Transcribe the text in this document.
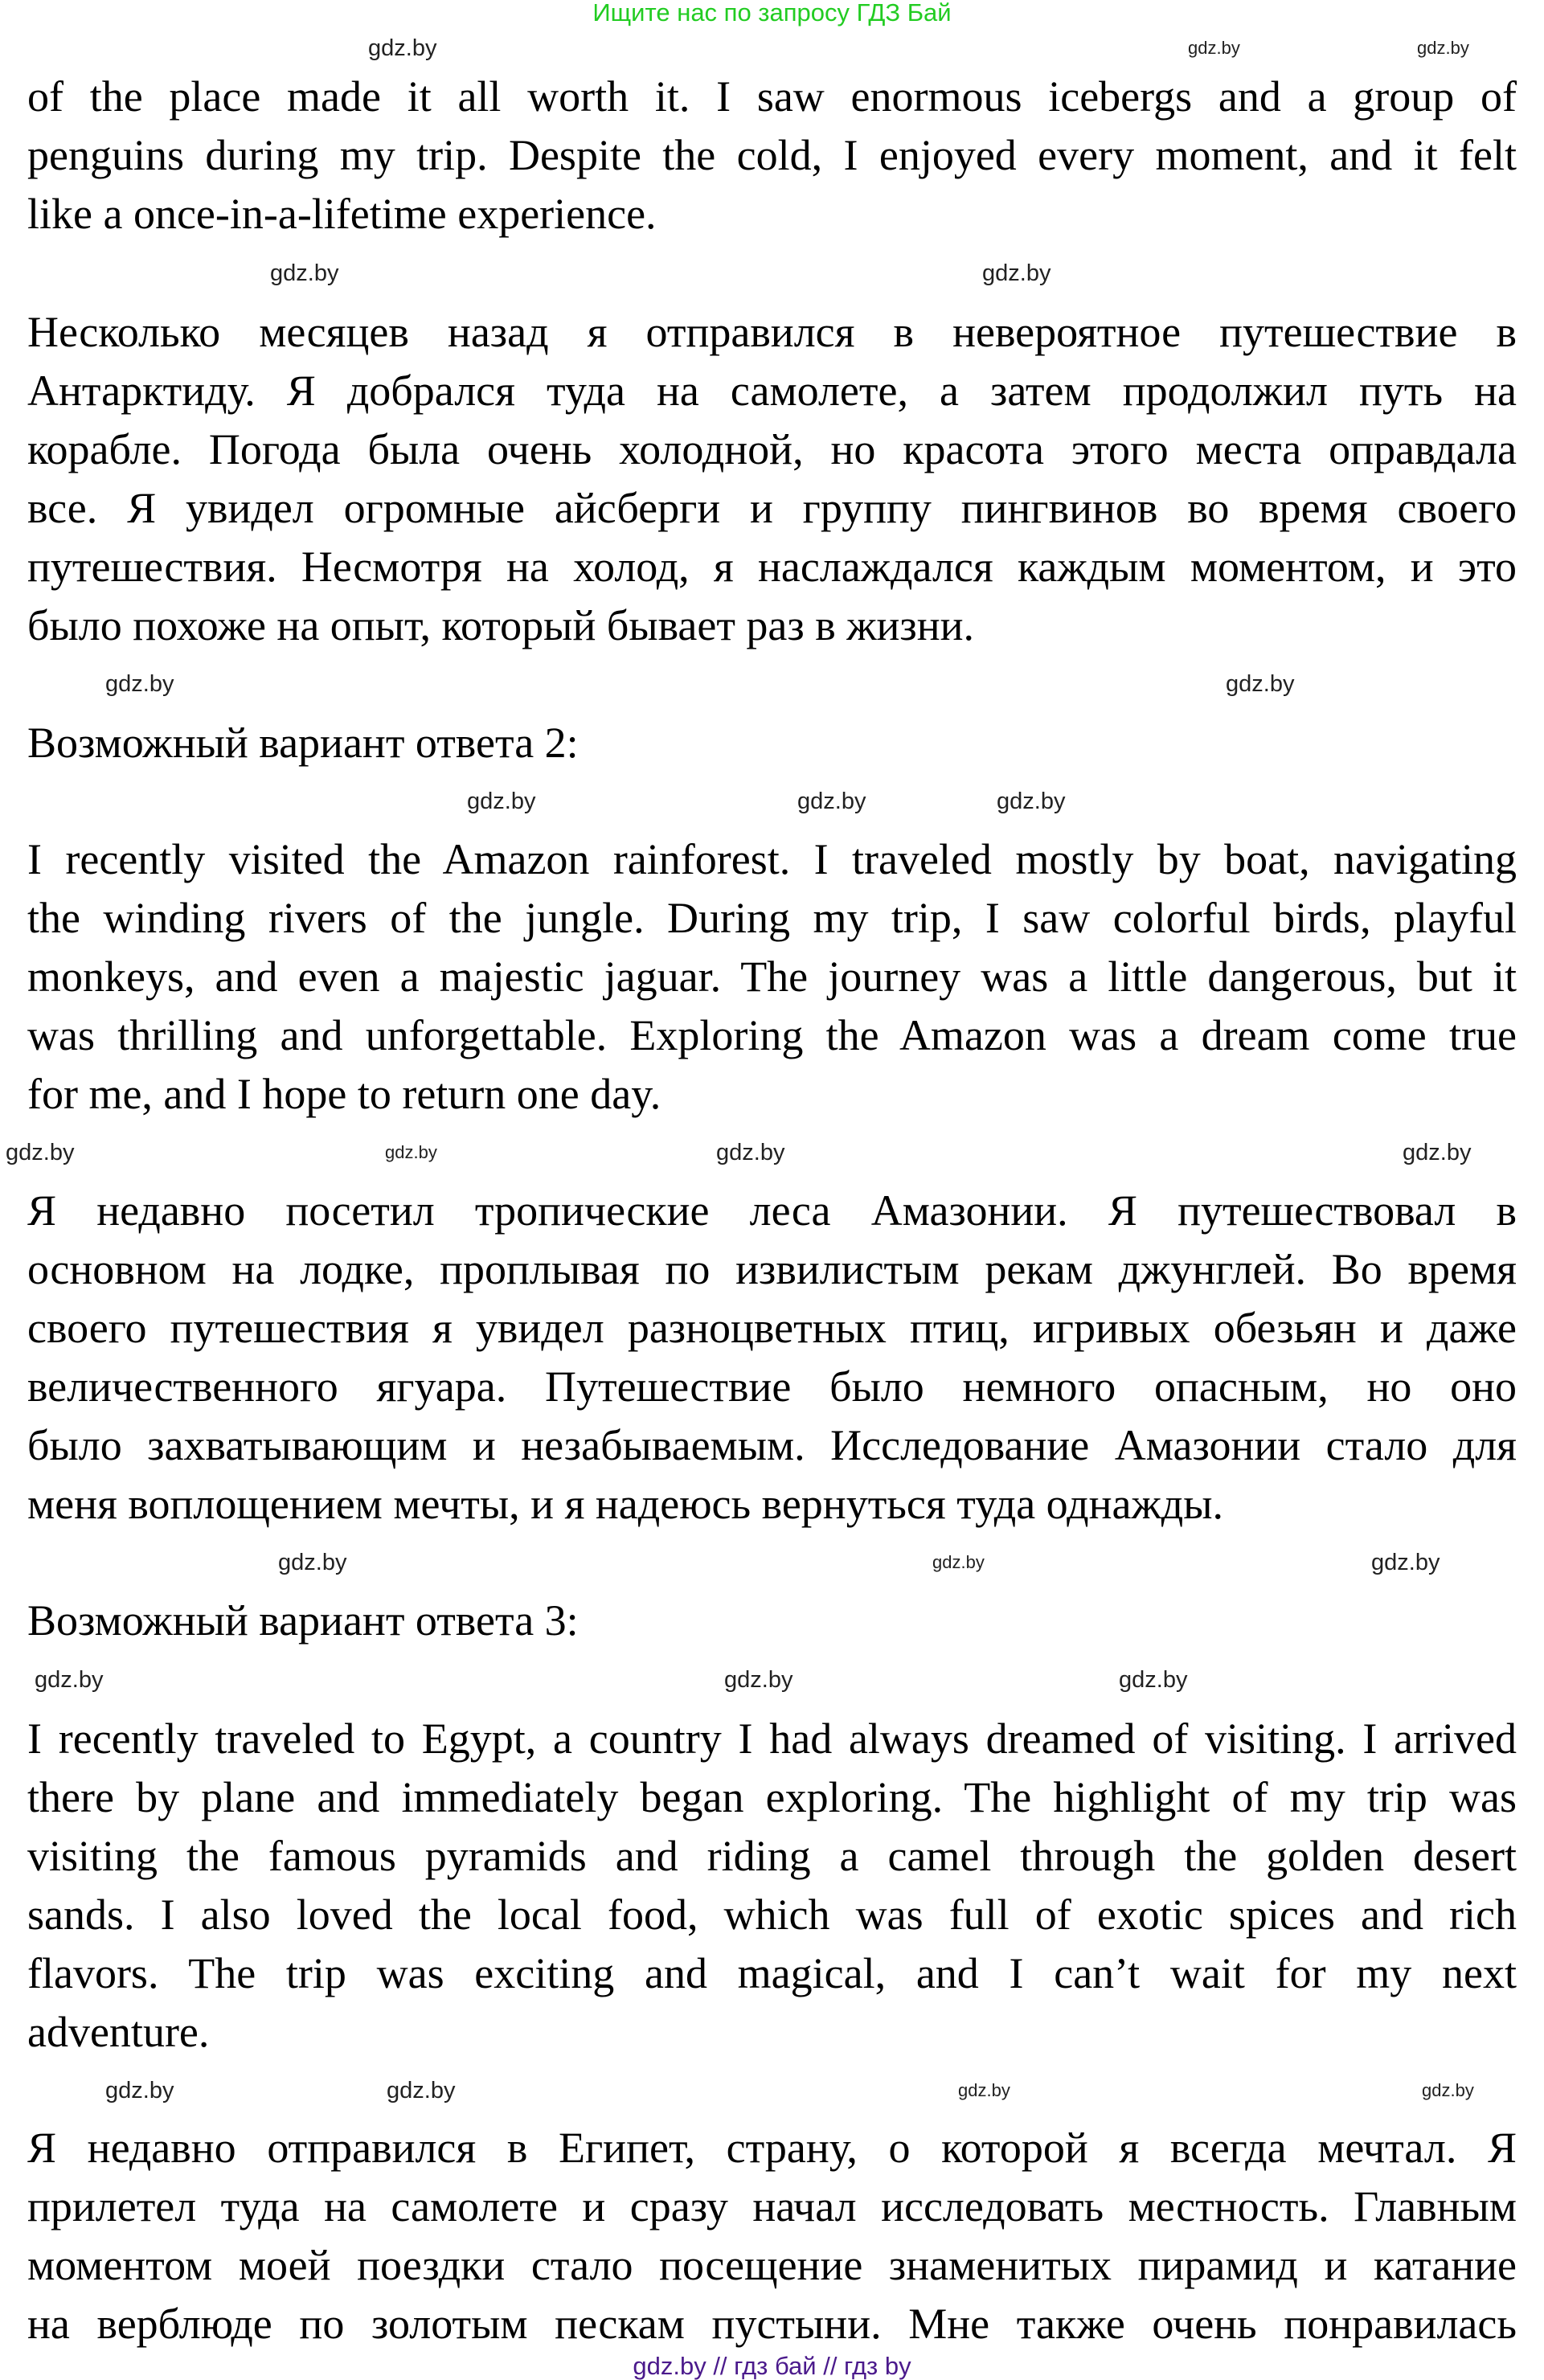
Ищите нас по запросу ГДЗ Бай
of the place made it all worth it. I saw enormous icebergs and a group of
penguins during my trip. Despite the cold, I enjoyed every moment, and it felt
like a once-in-a-lifetime experience.
Несколько месяцев назад я отправился в невероятное путешествие в
Антарктиду. Я добрался туда на самолете, а затем продолжил путь на
корабле. Погода была очень холодной, но красота этого места оправдала
все. Я увидел огромные айсберги и группу пингвинов во время своего
путешествия. Несмотря на холод, я наслаждался каждым моментом, и это
было похоже на опыт, который бывает раз в жизни.
Возможный вариант ответа 2:
I recently visited the Amazon rainforest. I traveled mostly by boat, navigating
the winding rivers of the jungle. During my trip, I saw colorful birds, playful
monkeys, and even a majestic jaguar. The journey was a little dangerous, but it
was thrilling and unforgettable. Exploring the Amazon was a dream come true
for me, and I hope to return one day.
Я недавно посетил тропические леса Амазонии. Я путешествовал в
основном на лодке, проплывая по извилистым рекам джунглей. Во время
своего путешествия я увидел разноцветных птиц, игривых обезьян и даже
величественного ягуара. Путешествие было немного опасным, но оно
было захватывающим и незабываемым. Исследование Амазонии стало для
меня воплощением мечты, и я надеюсь вернуться туда однажды.
Возможный вариант ответа 3:
I recently traveled to Egypt, a country I had always dreamed of visiting. I arrived
there by plane and immediately began exploring. The highlight of my trip was
visiting the famous pyramids and riding a camel through the golden desert
sands. I also loved the local food, which was full of exotic spices and rich
flavors. The trip was exciting and magical, and I can’t wait for my next
adventure.
Я недавно отправился в Египет, страну, о которой я всегда мечтал. Я
прилетел туда на самолете и сразу начал исследовать местность. Главным
моментом моей поездки стало посещение знаменитых пирамид и катание
на верблюде по золотым пескам пустыни. Мне также очень понравилась
gdz.by	gdz.by	gdz.by
gdz.by
gdz.by
gdz.by
gdz.by
gdz.by
gdz.by	gdz.by
gdz.by	gdz.by
gdz.by	gdz.by
gdz.by	gdz.by
gdz.by
gdz.by	gdz.by
gdz.by
gdz.by
gdz.by	gdz.by
gdz.by
gdz.by // гдз бай // гдз by
